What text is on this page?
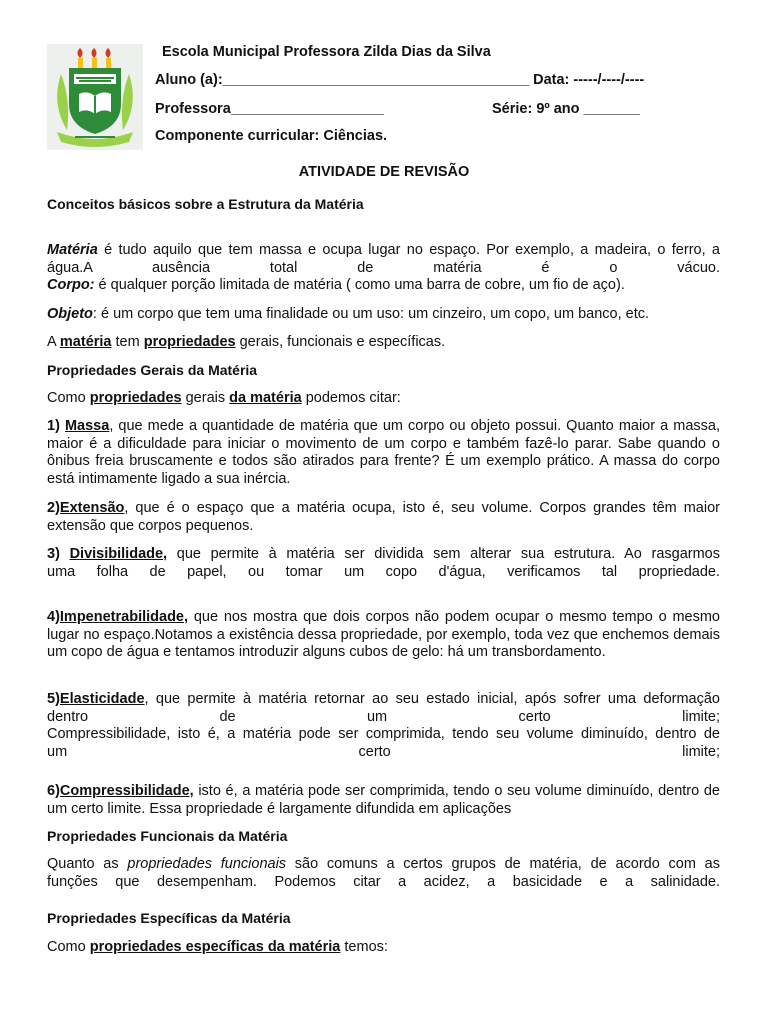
Escola Municipal Professora Zilda Dias da Silva
Aluno (a):______________________________________ Data: -----/----/----
Professora___________________	Série: 9º ano _______
Componente curricular: Ciências.
ATIVIDADE DE REVISÃO
Conceitos básicos sobre a Estrutura da Matéria
Matéria é tudo aquilo que tem massa e ocupa lugar no espaço. Por exemplo, a madeira, o ferro, a
água.A ausência total de matéria é o vácuo.
Corpo: é qualquer porção limitada de matéria ( como uma barra de cobre, um fio de aço).
Objeto: é um corpo que tem uma finalidade ou um uso: um cinzeiro, um copo, um banco, etc.
A matéria tem propriedades gerais, funcionais e específicas.
Propriedades Gerais da Matéria
Como propriedades gerais da matéria podemos citar:
1) Massa, que mede a quantidade de matéria que um corpo ou objeto possui. Quanto maior a massa, maior é a dificuldade para iniciar o movimento de um corpo e também fazê-lo parar. Sabe quando o ônibus freia bruscamente e todos são atirados para frente? É um exemplo prático. A massa do corpo está intimamente ligado a sua inércia.
2)Extensão, que é o espaço que a matéria ocupa, isto é, seu volume. Corpos grandes têm maior extensão que corpos pequenos.
3) Divisibilidade, que permite à matéria ser dividida sem alterar sua estrutura. Ao rasgarmos
uma folha de papel, ou tomar um copo d'água, verificamos tal propriedade.
4)Impenetrabilidade, que nos mostra que dois corpos não podem ocupar o mesmo tempo o mesmo lugar no espaço.Notamos a existência dessa propriedade, por exemplo, toda vez que enchemos demais um copo de água e tentamos introduzir alguns cubos de gelo: há um transbordamento.
5)Elasticidade, que permite à matéria retornar ao seu estado inicial, após sofrer uma deformação
dentro de um certo limite;
Compressibilidade, isto é, a matéria pode ser comprimida, tendo seu volume diminuído, dentro de
um certo limite;
6)Compressibilidade, isto é, a matéria pode ser comprimida, tendo o seu volume diminuído, dentro de um certo limite. Essa propriedade é largamente difundida em aplicações
Propriedades Funcionais da Matéria
Quanto as propriedades funcionais são comuns a certos grupos de matéria, de acordo com as
funções que desempenham. Podemos citar a acidez, a basicidade e a salinidade.
Propriedades Específicas da Matéria
Como propriedades específicas da matéria temos:
